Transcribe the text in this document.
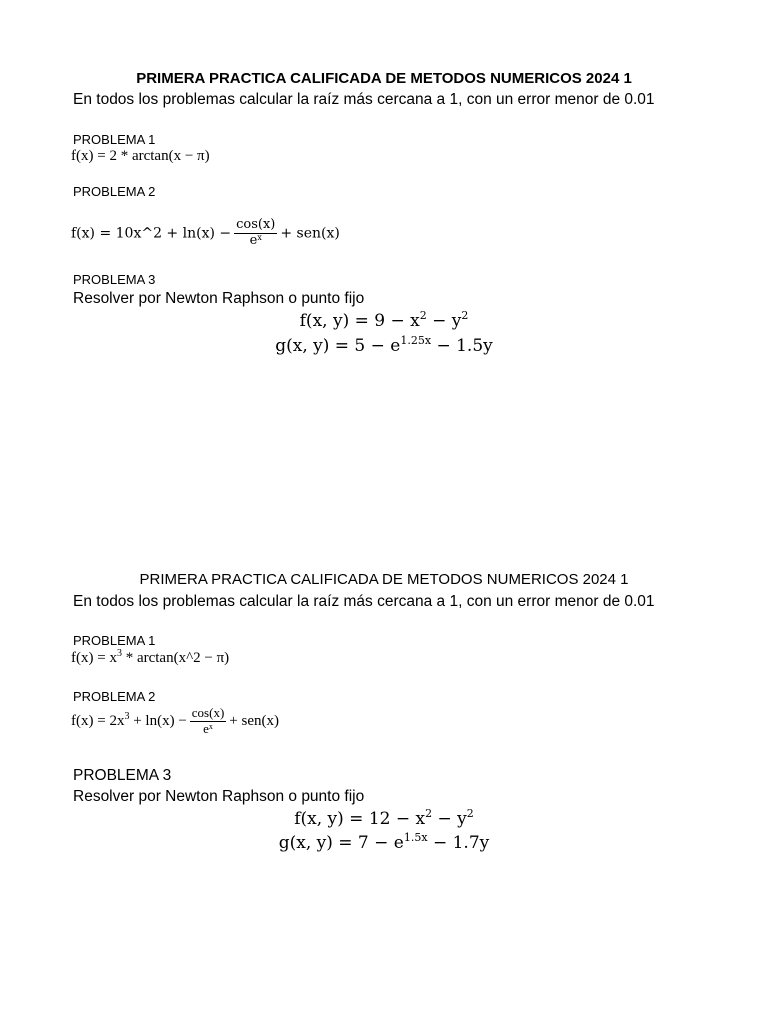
PRIMERA PRACTICA CALIFICADA DE METODOS NUMERICOS 2024 1
En todos los problemas calcular la raíz más cercana a 1, con un error menor de 0.01
PROBLEMA 1
f(x) = 2 * arctan(x − π)
PROBLEMA 2
f(x) = 10x^2 + $\ln(x) - \frac{\cos(x)}{e^x} + sen(x)$
PROBLEMA 3
Resolver por Newton Raphson o punto fijo
f(x, $y) = 9 - x^2 - y^2$
g(x, $y) = 5 - e^{1.25x} - 1.5y$
PRIMERA PRACTICA CALIFICADA DE METODOS NUMERICOS 2024 1
En todos los problemas calcular la raíz más cercana a 1, con un error menor de 0.01
PROBLEMA 1
$f(x) = x^3$ * arctan(x^2 − π)
PROBLEMA 2
$f(x) = 2x^3 + \ln(x) - \frac{\cos(x)}{e^x} + sen(x)$
PROBLEMA 3
Resolver por Newton Raphson o punto fijo
f(x, $y) = 12 - x^2 - y^2$
g(x, $y) = 7 - e^{1.5x} - 1.7y$
